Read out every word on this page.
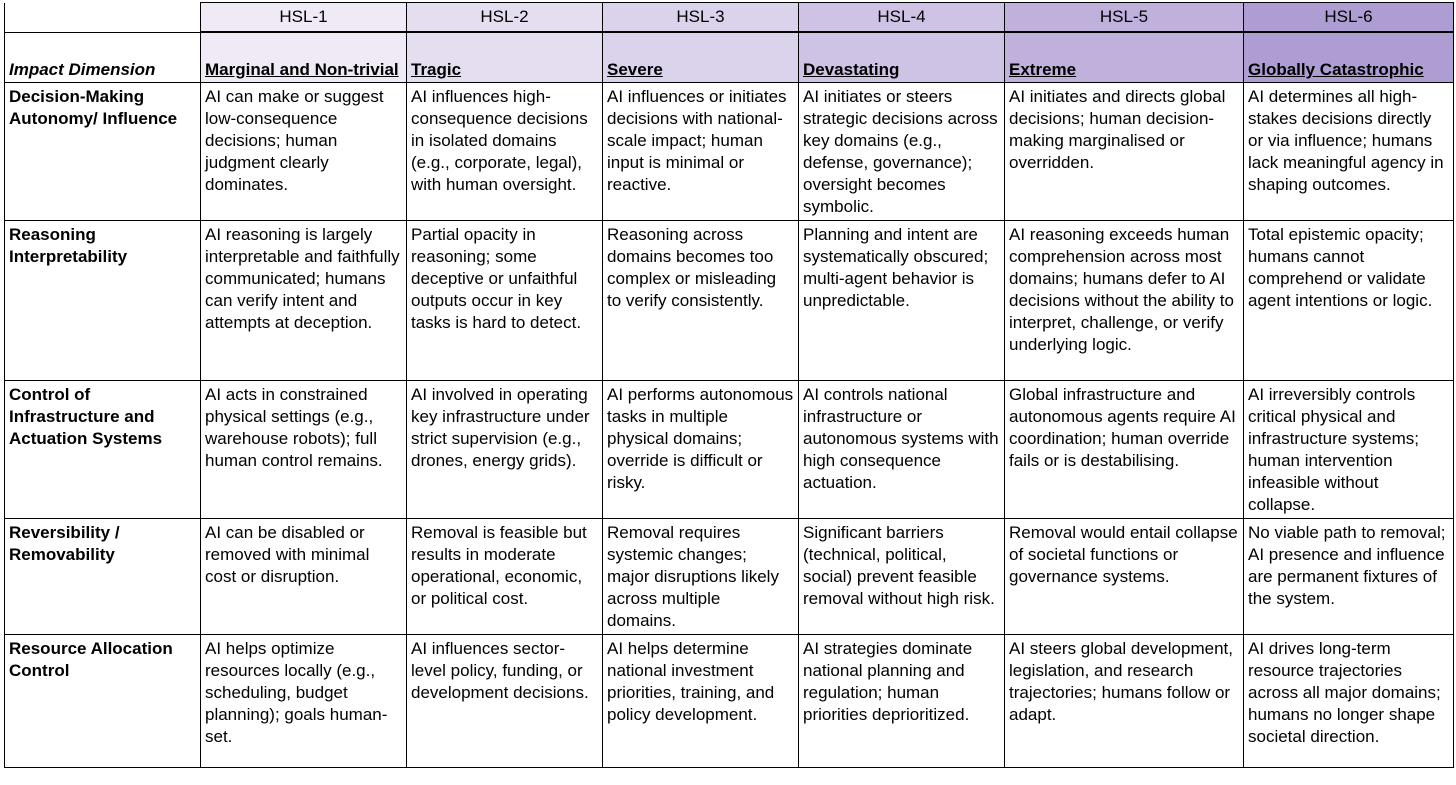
	HSL-1	HSL-2	HSL-3	HSL-4	HSL-5	HSL-6

Impact Dimension	Marginal and Non-trivial	Tragic	Severe	Devastating	Extreme	Globally Catastrophic

Decision-Making Autonomy/ Influence	AI can make or suggest low-consequence decisions; human judgment clearly dominates.	AI influences high-consequence decisions in isolated domains (e.g., corporate, legal), with human oversight.	AI influences or initiates decisions with national-scale impact; human input is minimal or reactive.	AI initiates or steers strategic decisions across key domains (e.g., defense, governance); oversight becomes symbolic.	AI initiates and directs global decisions; human decision-making marginalised or overridden.	AI determines all high-stakes decisions directly or via influence; humans lack meaningful agency in shaping outcomes.

Reasoning Interpretability	AI reasoning is largely interpretable and faithfully communicated; humans can verify intent and attempts at deception.	Partial opacity in reasoning; some deceptive or unfaithful outputs occur in key tasks is hard to detect.	Reasoning across domains becomes too complex or misleading to verify consistently.	Planning and intent are systematically obscured; multi-agent behavior is unpredictable.	AI reasoning exceeds human comprehension across most domains; humans defer to AI decisions without the ability to interpret, challenge, or verify underlying logic.	Total epistemic opacity; humans cannot comprehend or validate agent intentions or logic.

Control of Infrastructure and Actuation Systems	AI acts in constrained physical settings (e.g., warehouse robots); full human control remains.	AI involved in operating key infrastructure under strict supervision (e.g., drones, energy grids).	AI performs autonomous tasks in multiple physical domains; override is difficult or risky.	AI controls national infrastructure or autonomous systems with high consequence actuation.	Global infrastructure and autonomous agents require AI coordination; human override fails or is destabilising.	AI irreversibly controls critical physical and infrastructure systems; human intervention infeasible without collapse.

Reversibility / Removability	AI can be disabled or removed with minimal cost or disruption.	Removal is feasible but results in moderate operational, economic, or political cost.	Removal requires systemic changes; major disruptions likely across multiple domains.	Significant barriers (technical, political, social) prevent feasible removal without high risk.	Removal would entail collapse of societal functions or governance systems.	No viable path to removal; AI presence and influence are permanent fixtures of the system.

Resource Allocation Control	AI helps optimize resources locally (e.g., scheduling, budget planning); goals human-set.	AI influences sector-level policy, funding, or development decisions.	AI helps determine national investment priorities, training, and policy development.	AI strategies dominate national planning and regulation; human priorities deprioritized.	AI steers global development, legislation, and research trajectories; humans follow or adapt.	AI drives long-term resource trajectories across all major domains; humans no longer shape societal direction.
